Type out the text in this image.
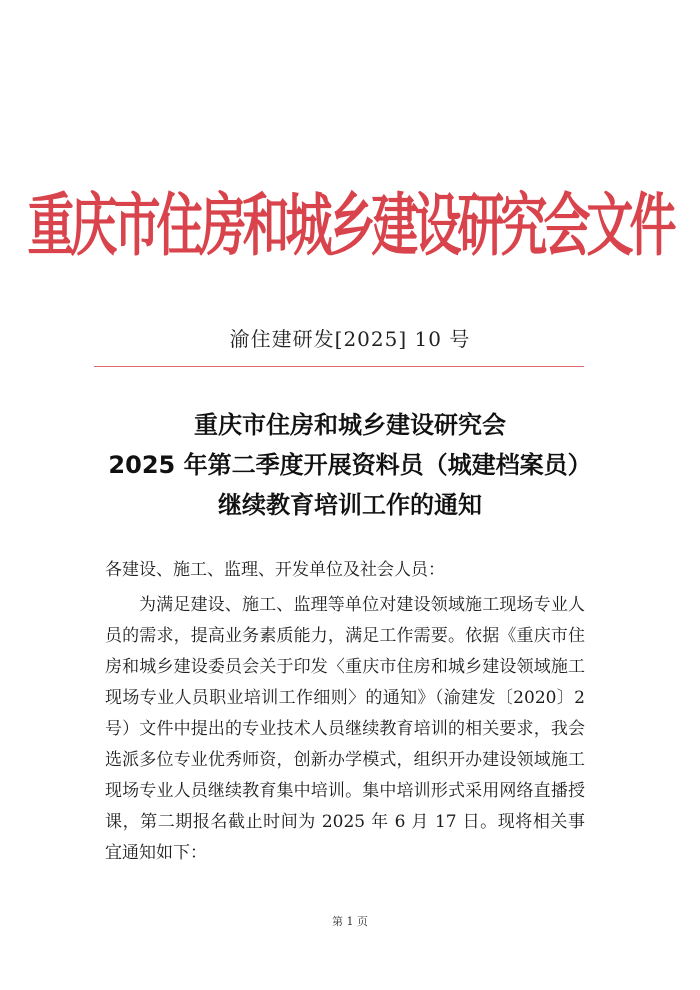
重庆市住房和城乡建设研究会文件
渝住建研发[2025] 10 号
重庆市住房和城乡建设研究会
2025 年第二季度开展资料员（城建档案员）
继续教育培训工作的通知

各建设、施工、监理、开发单位及社会人员：

为满足建设、施工、监理等单位对建设领域施工现场专业人员的需求，提高业务素质能力，满足工作需要。依据《重庆市住房和城乡建设委员会关于印发〈重庆市住房和城乡建设领域施工现场专业人员职业培训工作细则〉的通知》（渝建发〔2020〕2 号）文件中提出的专业技术人员继续教育培训的相关要求，我会选派多位专业优秀师资，创新办学模式，组织开办建设领域施工现场专业人员继续教育集中培训。集中培训形式采用网络直播授课，第二期报名截止时间为 2025 年 6 月 17 日。现将相关事宜通知如下：

第 1 页
